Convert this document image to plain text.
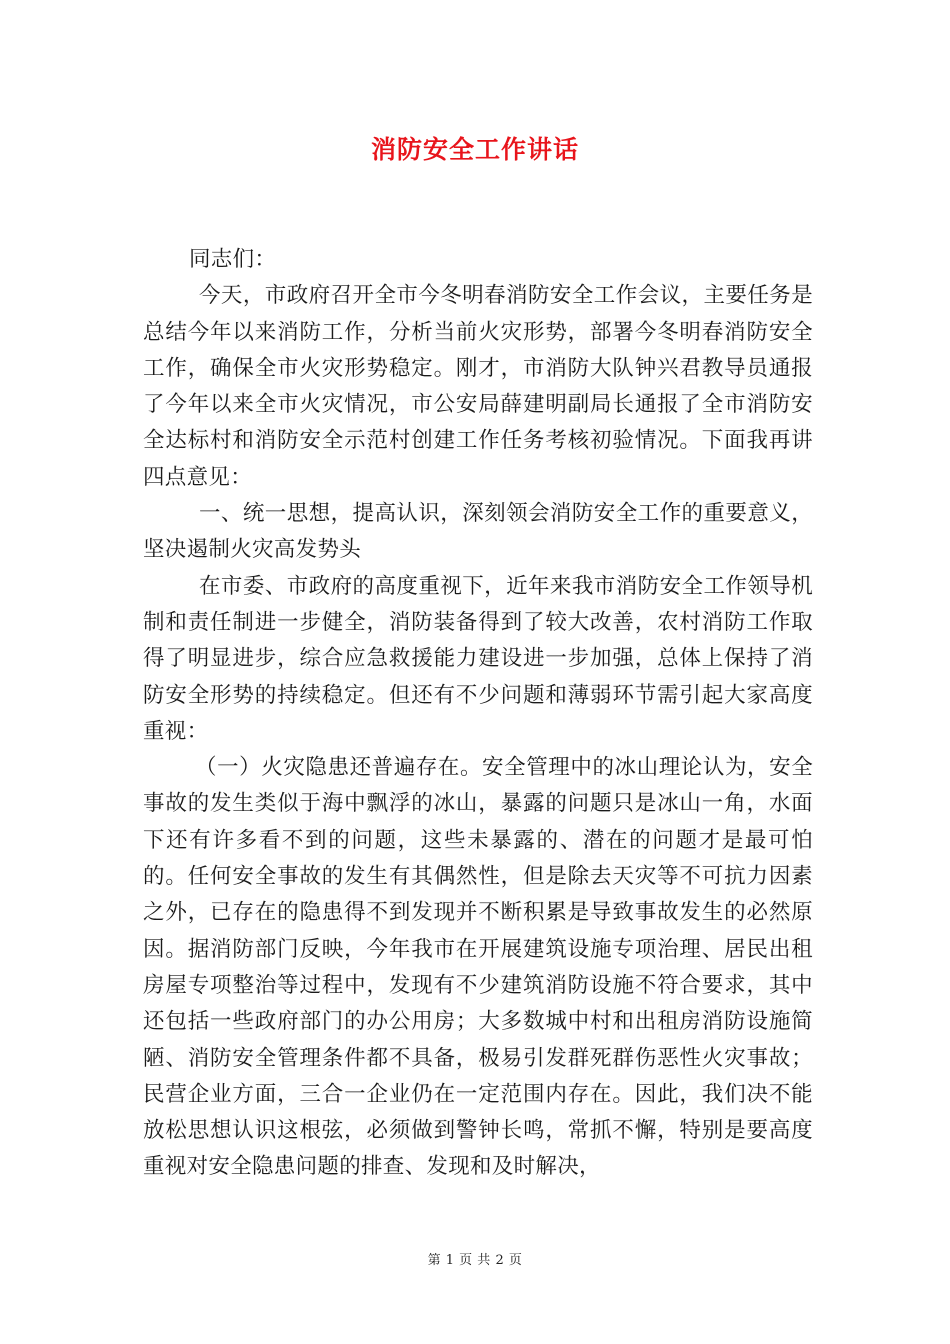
消防安全工作讲话

同志们：

今天，市政府召开全市今冬明春消防安全工作会议，主要任务是总结今年以来消防工作，分析当前火灾形势，部署今冬明春消防安全工作，确保全市火灾形势稳定。刚才，市消防大队钟兴君教导员通报了今年以来全市火灾情况，市公安局薛建明副局长通报了全市消防安全达标村和消防安全示范村创建工作任务考核初验情况。下面我再讲四点意见：

一、统一思想，提高认识，深刻领会消防安全工作的重要意义，坚决遏制火灾高发势头

在市委、市政府的高度重视下，近年来我市消防安全工作领导机制和责任制进一步健全，消防装备得到了较大改善，农村消防工作取得了明显进步，综合应急救援能力建设进一步加强，总体上保持了消防安全形势的持续稳定。但还有不少问题和薄弱环节需引起大家高度重视：

（一）火灾隐患还普遍存在。安全管理中的冰山理论认为，安全事故的发生类似于海中飘浮的冰山，暴露的问题只是冰山一角，水面下还有许多看不到的问题，这些未暴露的、潜在的问题才是最可怕的。任何安全事故的发生有其偶然性，但是除去天灾等不可抗力因素之外，已存在的隐患得不到发现并不断积累是导致事故发生的必然原因。据消防部门反映，今年我市在开展建筑设施专项治理、居民出租房屋专项整治等过程中，发现有不少建筑消防设施不符合要求，其中还包括一些政府部门的办公用房；大多数城中村和出租房消防设施简陋、消防安全管理条件都不具备，极易引发群死群伤恶性火灾事故；民营企业方面，三合一企业仍在一定范围内存在。因此，我们决不能放松思想认识这根弦，必须做到警钟长鸣，常抓不懈，特别是要高度重视对安全隐患问题的排查、发现和及时解决，

第 1 页 共 2 页
